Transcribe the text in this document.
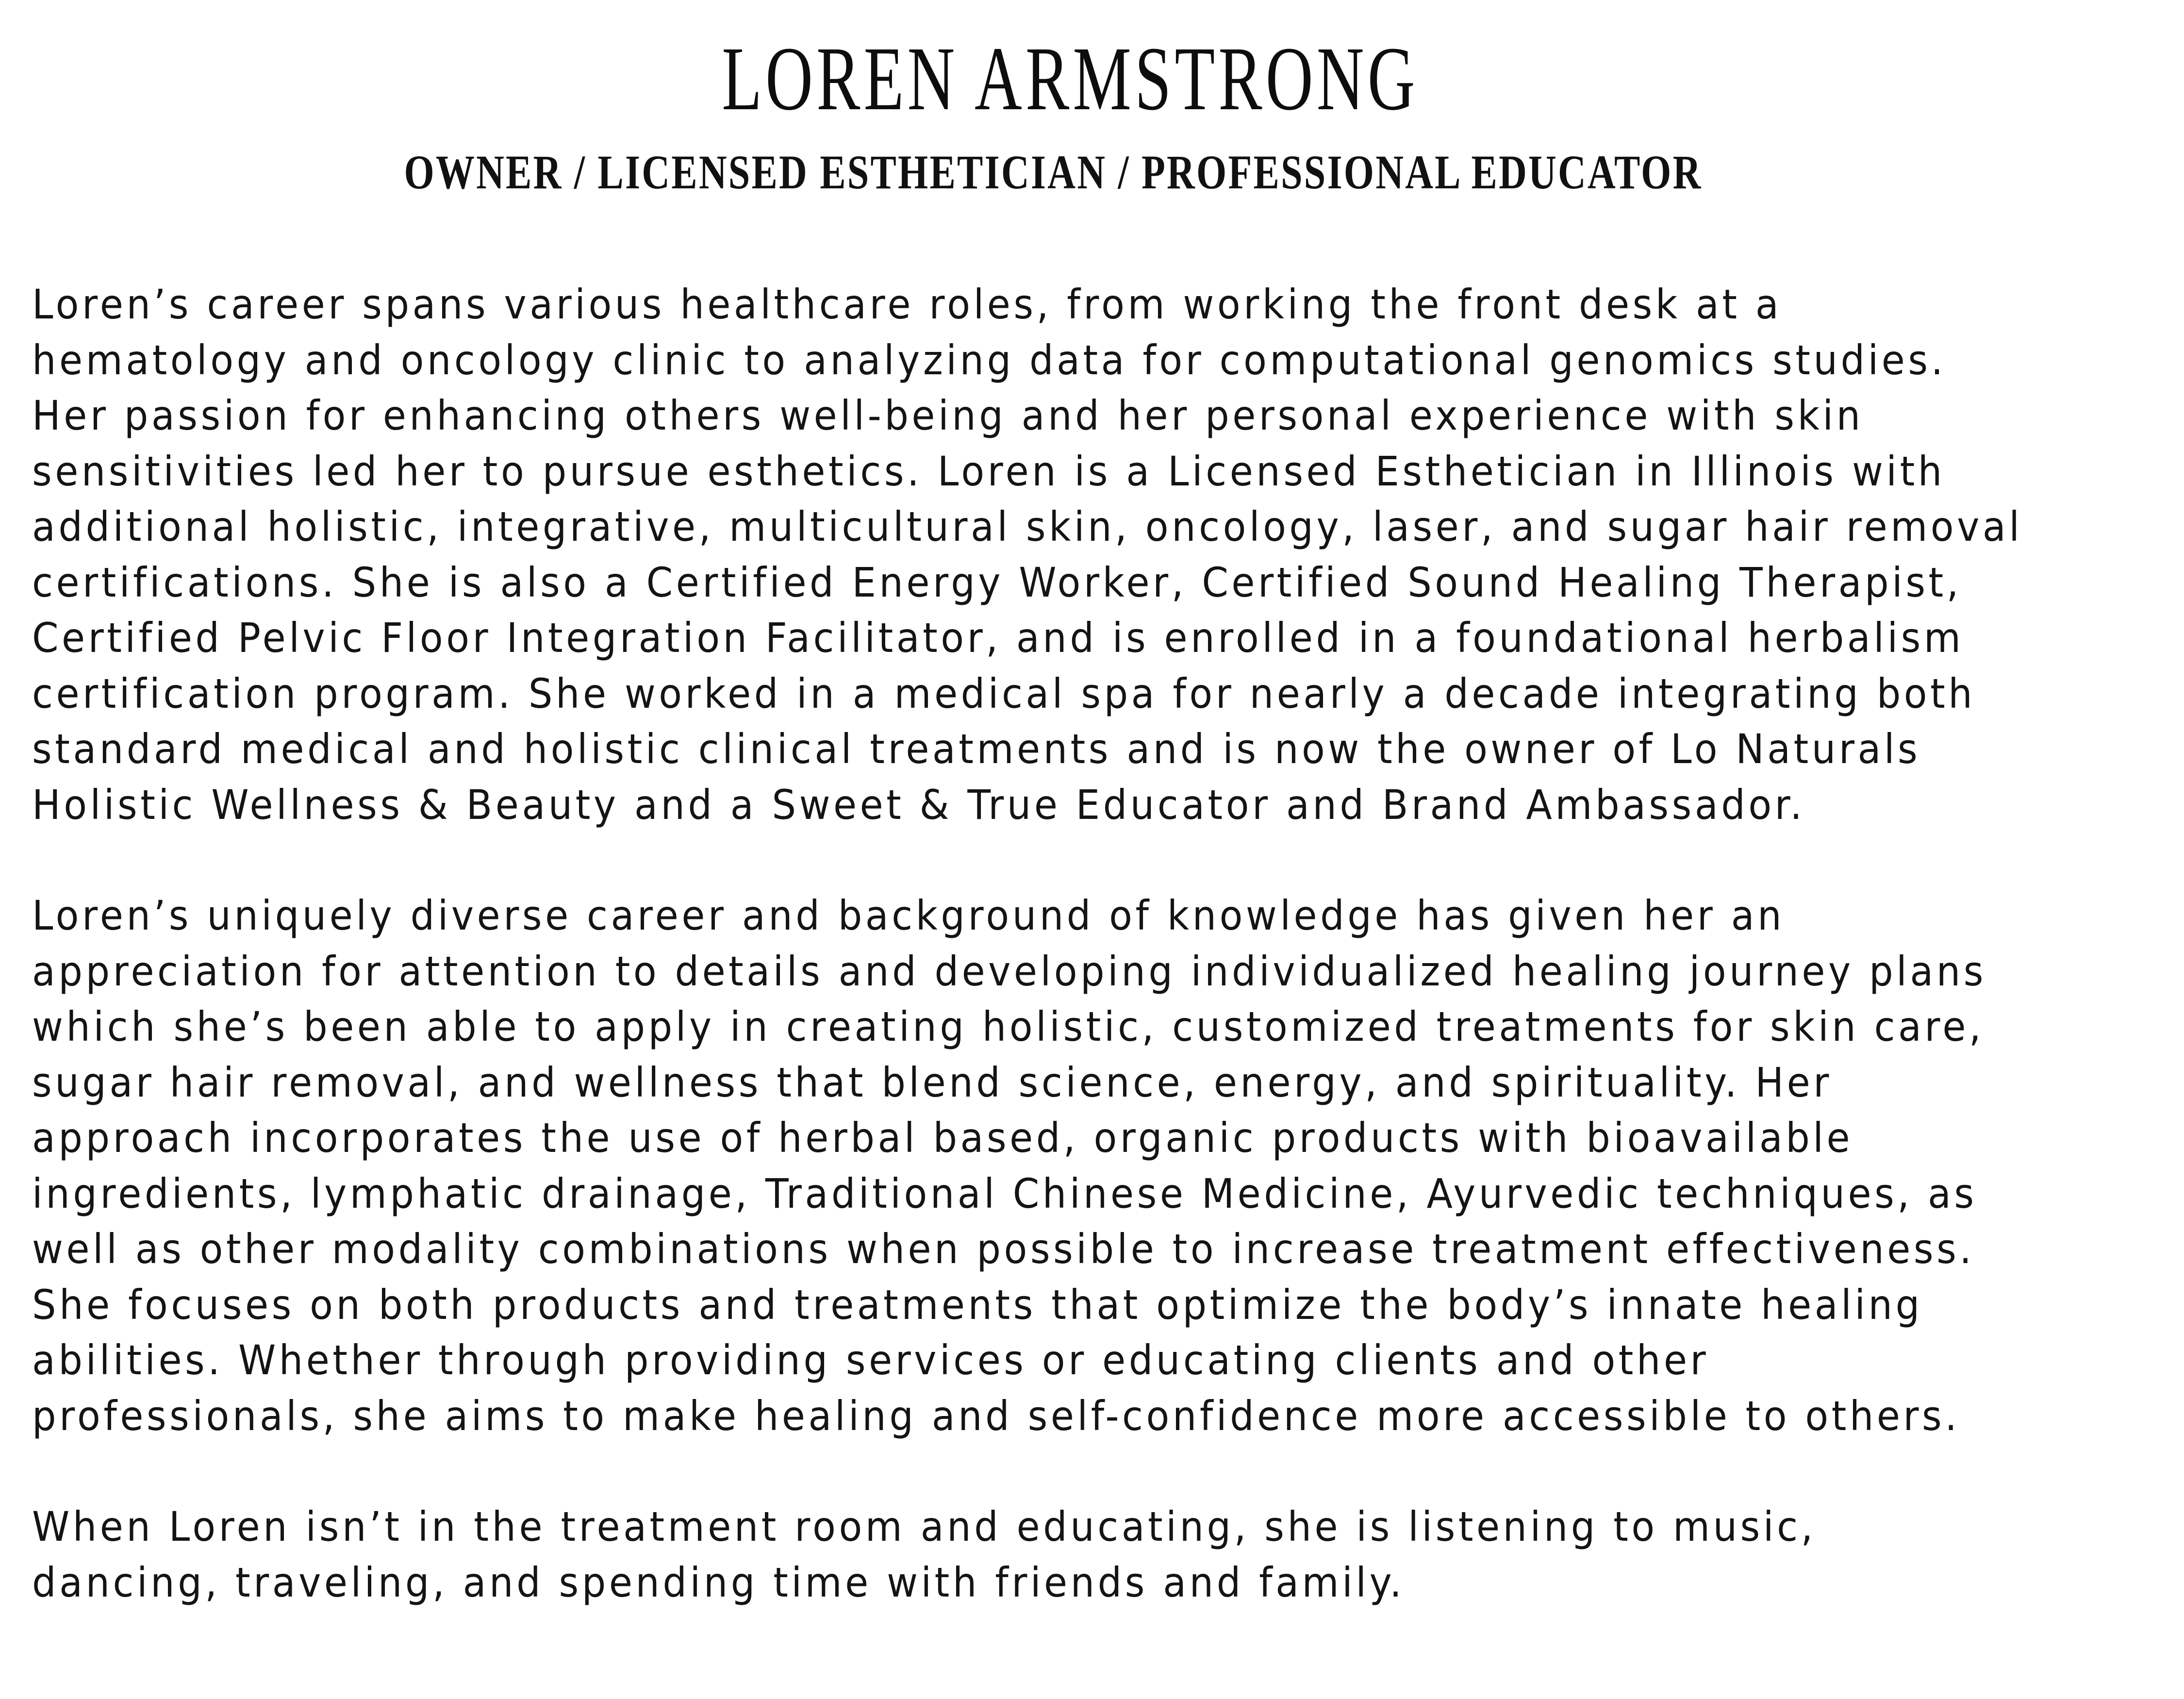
LOREN ARMSTRONG
OWNER / LICENSED ESTHETICIAN / PROFESSIONAL EDUCATOR

Loren’s career spans various healthcare roles, from working the front desk at a
hematology and oncology clinic to analyzing data for computational genomics studies.
Her passion for enhancing others well-being and her personal experience with skin
sensitivities led her to pursue esthetics. Loren is a Licensed Esthetician in Illinois with
additional holistic, integrative, multicultural skin, oncology, laser, and sugar hair removal
certifications. She is also a Certified Energy Worker, Certified Sound Healing Therapist,
Certified Pelvic Floor Integration Facilitator, and is enrolled in a foundational herbalism
certification program. She worked in a medical spa for nearly a decade integrating both
standard medical and holistic clinical treatments and is now the owner of Lo Naturals
Holistic Wellness & Beauty and a Sweet & True Educator and Brand Ambassador.

Loren’s uniquely diverse career and background of knowledge has given her an
appreciation for attention to details and developing individualized healing journey plans
which she’s been able to apply in creating holistic, customized treatments for skin care,
sugar hair removal, and wellness that blend science, energy, and spirituality. Her
approach incorporates the use of herbal based, organic products with bioavailable
ingredients, lymphatic drainage, Traditional Chinese Medicine, Ayurvedic techniques, as
well as other modality combinations when possible to increase treatment effectiveness.
She focuses on both products and treatments that optimize the body’s innate healing
abilities. Whether through providing services or educating clients and other
professionals, she aims to make healing and self-confidence more accessible to others.

When Loren isn’t in the treatment room and educating, she is listening to music,
dancing, traveling, and spending time with friends and family.
